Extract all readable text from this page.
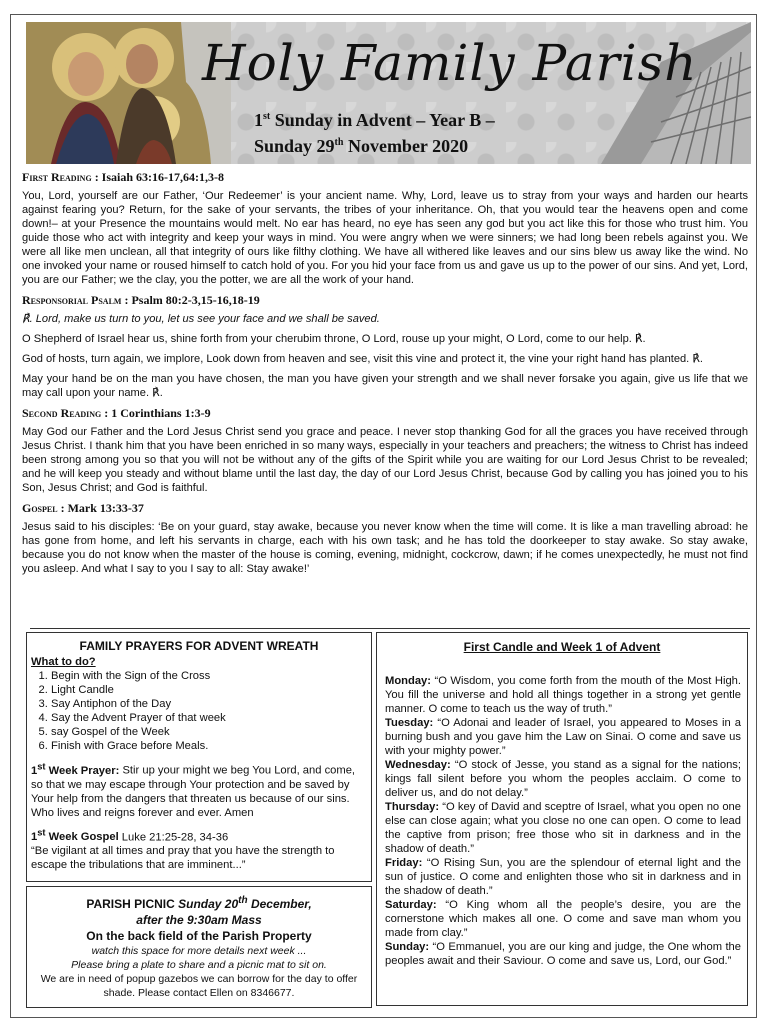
Holy Family Parish
1st Sunday in Advent – Year B –
Sunday 29th November 2020
First Reading : Isaiah 63:16-17,64:1,3-8

You, Lord, yourself are our Father, ‘Our Redeemer’ is your ancient name. Why, Lord, leave us to stray from your ways and harden our hearts against fearing you? Return, for the sake of your servants, the tribes of your inheritance. Oh, that you would tear the heavens open and come down!– at your Presence the mountains would melt. No ear has heard, no eye has seen any god but you act like this for those who trust him. You guide those who act with integrity and keep your ways in mind. You were angry when we were sinners; we had long been rebels against you. We were all like men unclean, all that integrity of ours like filthy clothing. We have all withered like leaves and our sins blew us away like the wind. No one invoked your name or roused himself to catch hold of you. For you hid your face from us and gave us up to the power of our sins. And yet, Lord, you are our Father; we the clay, you the potter, we are all the work of your hand.

Responsorial Psalm : Psalm 80:2-3,15-16,18-19

℟. Lord, make us turn to you, let us see your face and we shall be saved.

O Shepherd of Israel hear us, shine forth from your cherubim throne, O Lord, rouse up your might, O Lord, come to our help. ℟.

God of hosts, turn again, we implore, Look down from heaven and see, visit this vine and protect it, the vine your right hand has planted. ℟.

May your hand be on the man you have chosen, the man you have given your strength and we shall never forsake you again, give us life that we may call upon your name. ℟.

Second Reading : 1 Corinthians 1:3-9

May God our Father and the Lord Jesus Christ send you grace and peace. I never stop thanking God for all the graces you have received through Jesus Christ. I thank him that you have been enriched in so many ways, especially in your teachers and preachers; the witness to Christ has indeed been strong among you so that you will not be without any of the gifts of the Spirit while you are waiting for our Lord Jesus Christ to be revealed; and he will keep you steady and without blame until the last day, the day of our Lord Jesus Christ, because God by calling you has joined you to his Son, Jesus Christ; and God is faithful.

Gospel : Mark 13:33-37

Jesus said to his disciples: ‘Be on your guard, stay awake, because you never know when the time will come. It is like a man travelling abroad: he has gone from home, and left his servants in charge, each with his own task; and he has told the doorkeeper to stay awake. So stay awake, because you do not know when the master of the house is coming, evening, midnight, cockcrow, dawn; if he comes unexpectedly, he must not find you asleep. And what I say to you I say to all: Stay awake!’

FAMILY PRAYERS FOR ADVENT WREATH
What to do?
1. Begin with the Sign of the Cross
2. Light Candle
3. Say Antiphon of the Day
4. Say the Advent Prayer of that week
5. say Gospel of the Week
6. Finish with Grace before Meals.

1st Week Prayer: Stir up your might we beg You Lord, and come, so that we may escape through Your protection and be saved by Your help from the dangers that threaten us because of our sins. Who lives and reigns forever and ever. Amen

1st Week Gospel Luke 21:25-28, 34-36
“Be vigilant at all times and pray that you have the strength to escape the tribulations that are imminent...”

First Candle and Week 1 of Advent

Monday: “O Wisdom, you come forth from the mouth of the Most High. You fill the universe and hold all things together in a strong yet gentle manner. O come to teach us the way of truth.”

Tuesday: “O Adonai and leader of Israel, you appeared to Moses in a burning bush and you gave him the Law on Sinai. O come and save us with your mighty power.”

Wednesday: “O stock of Jesse, you stand as a signal for the nations; kings fall silent before you whom the peoples acclaim. O come to deliver us, and do not delay.”

Thursday: “O key of David and sceptre of Israel, what you open no one else can close again; what you close no one can open. O come to lead the captive from prison; free those who sit in darkness and in the shadow of death.”

Friday: “O Rising Sun, you are the splendour of eternal light and the sun of justice. O come and enlighten those who sit in darkness and in the shadow of death.”

Saturday: “O King whom all the people’s desire, you are the cornerstone which makes all one. O come and save man whom you made from clay.”

Sunday: “O Emmanuel, you are our king and judge, the One whom the peoples await and their Saviour. O come and save us, Lord, our God.”

PARISH PICNIC Sunday 20th December,
after the 9:30am Mass
On the back field of the Parish Property
watch this space for more details next week ...
Please bring a plate to share and a picnic mat to sit on.
We are in need of popup gazebos we can borrow for the day to offer shade. Please contact Ellen on 8346677.
